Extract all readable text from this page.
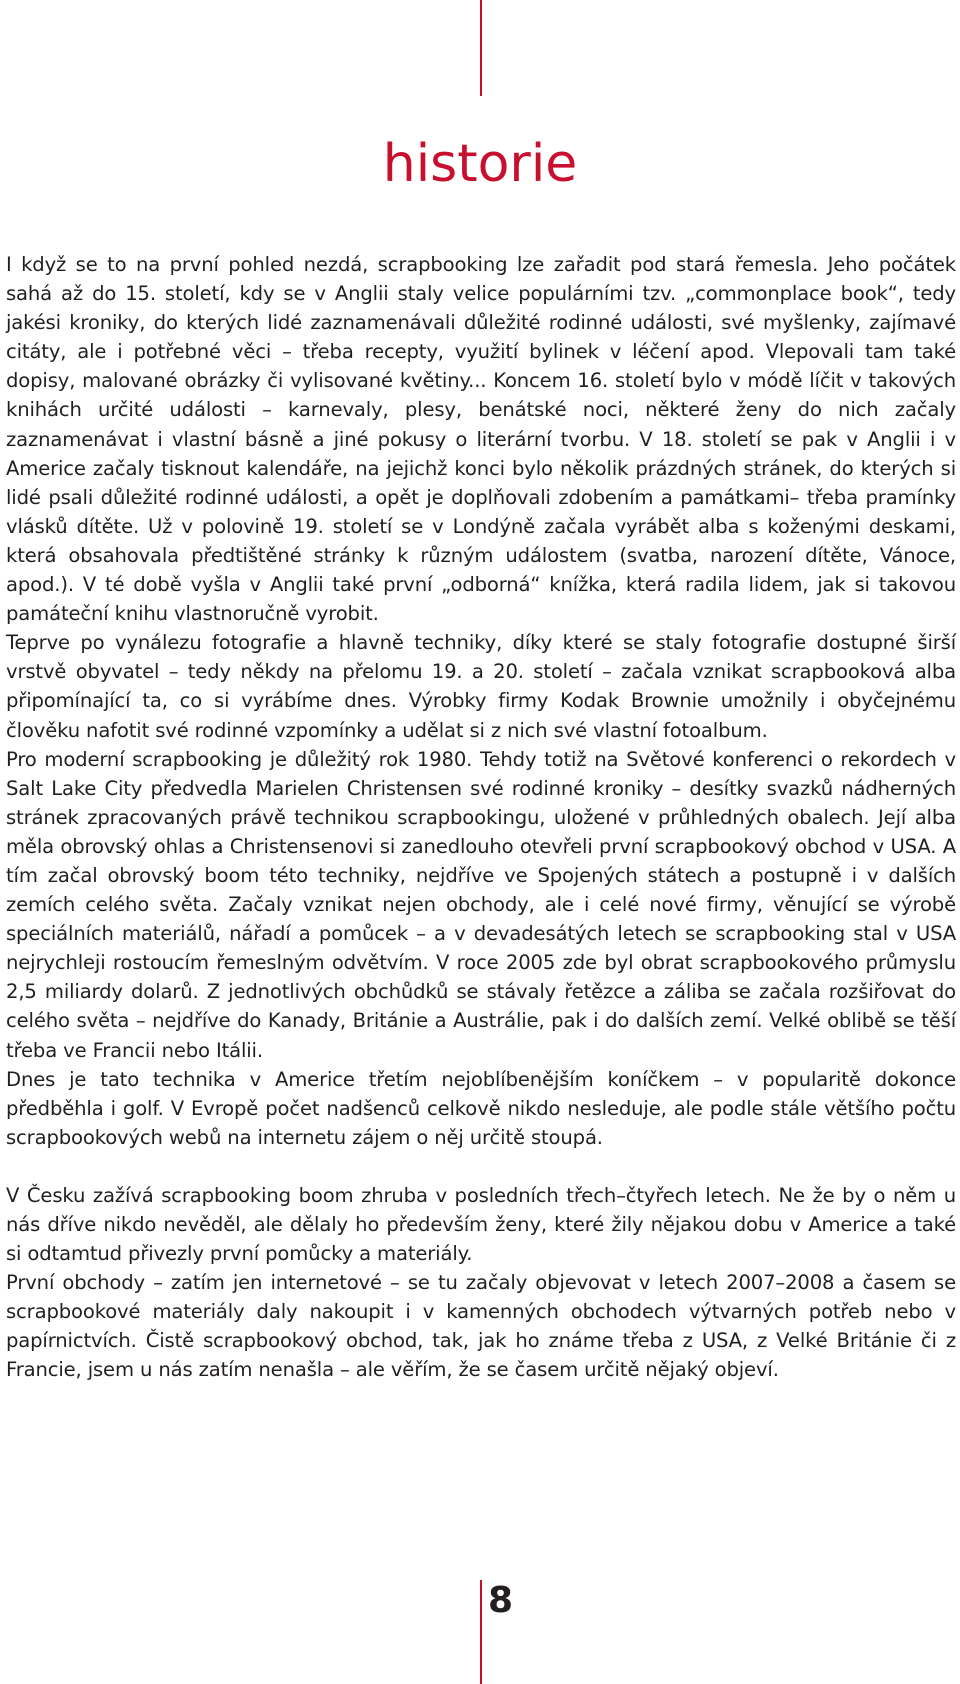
historie

I když se to na první pohled nezdá, scrapbooking lze zařadit pod stará řemesla. Jeho počátek sahá až do 15. století, kdy se v Anglii staly velice populárními tzv. „commonplace book“, tedy jakési kroniky, do kterých lidé zaznamenávali důležité rodinné události, své myšlenky, zajímavé citáty, ale i potřebné věci – třeba recepty, využití bylinek v léčení apod. Vlepovali tam také dopisy, malované obrázky či vylisované květiny... Koncem 16. století bylo v módě líčit v takových knihách určité události – karnevaly, plesy, benátské noci, některé ženy do nich začaly zaznamenávat i vlastní básně a jiné pokusy o literární tvorbu. V 18. století se pak v Anglii i v Americe začaly tisknout kalendáře, na jejichž konci bylo několik prázdných stránek, do kterých si lidé psali důležité rodinné události, a opět je doplňovali zdobením a památkami– třeba pramínky vlásků dítěte. Už v polovině 19. století se v Londýně začala vyrábět alba s koženými deskami, která obsahovala předtištěné stránky k různým událostem (svatba, narození dítěte, Vánoce, apod.). V té době vyšla v Anglii také první „odborná“ knížka, která radila lidem, jak si takovou památeční knihu vlastnoručně vyrobit.

Teprve po vynálezu fotografie a hlavně techniky, díky které se staly fotografie dostupné širší vrstvě obyvatel – tedy někdy na přelomu 19. a 20. století – začala vznikat scrapbooková alba připomínající ta, co si vyrábíme dnes. Výrobky firmy Kodak Brownie umožnily i obyčejnému člověku nafotit své rodinné vzpomínky a udělat si z nich své vlastní fotoalbum.

Pro moderní scrapbooking je důležitý rok 1980. Tehdy totiž na Světové konferenci o rekordech v Salt Lake City předvedla Marielen Christensen své rodinné kroniky – desítky svazků nádherných stránek zpracovaných právě technikou scrapbookingu, uložené v průhledných obalech. Její alba měla obrovský ohlas a Christensenovi si zanedlouho otevřeli první scrapbookový obchod v USA. A tím začal obrovský boom této techniky, nejdříve ve Spojených státech a postupně i v dalších zemích celého světa. Začaly vznikat nejen obchody, ale i celé nové firmy, věnující se výrobě speciálních materiálů, nářadí a pomůcek – a v devadesátých letech se scrapbooking stal v USA nejrychleji rostoucím řemeslným odvětvím. V roce 2005 zde byl obrat scrapbookového průmyslu 2,5 miliardy dolarů. Z jednotlivých obchůdků se stávaly řetězce a záliba se začala rozšiřovat do celého světa – nejdříve do Kanady, Británie a Austrálie, pak i do dalších zemí. Velké oblibě se těší třeba ve Francii nebo Itálii.

Dnes je tato technika v Americe třetím nejoblíbenějším koníčkem – v popularitě dokonce předběhla i golf. V Evropě počet nadšenců celkově nikdo nesleduje, ale podle stále většího počtu scrapbookových webů na internetu zájem o něj určitě stoupá.

V Česku zažívá scrapbooking boom zhruba v posledních třech–čtyřech letech. Ne že by o něm u nás dříve nikdo nevěděl, ale dělaly ho především ženy, které žily nějakou dobu v Americe a také si odtamtud přivezly první pomůcky a materiály.

První obchody – zatím jen internetové – se tu začaly objevovat v letech 2007–2008 a časem se scrapbookové materiály daly nakoupit i v kamenných obchodech výtvarných potřeb nebo v papírnictvích. Čistě scrapbookový obchod, tak, jak ho známe třeba z USA, z Velké Británie či z Francie, jsem u nás zatím nenašla – ale věřím, že se časem určitě nějaký objeví.

8
